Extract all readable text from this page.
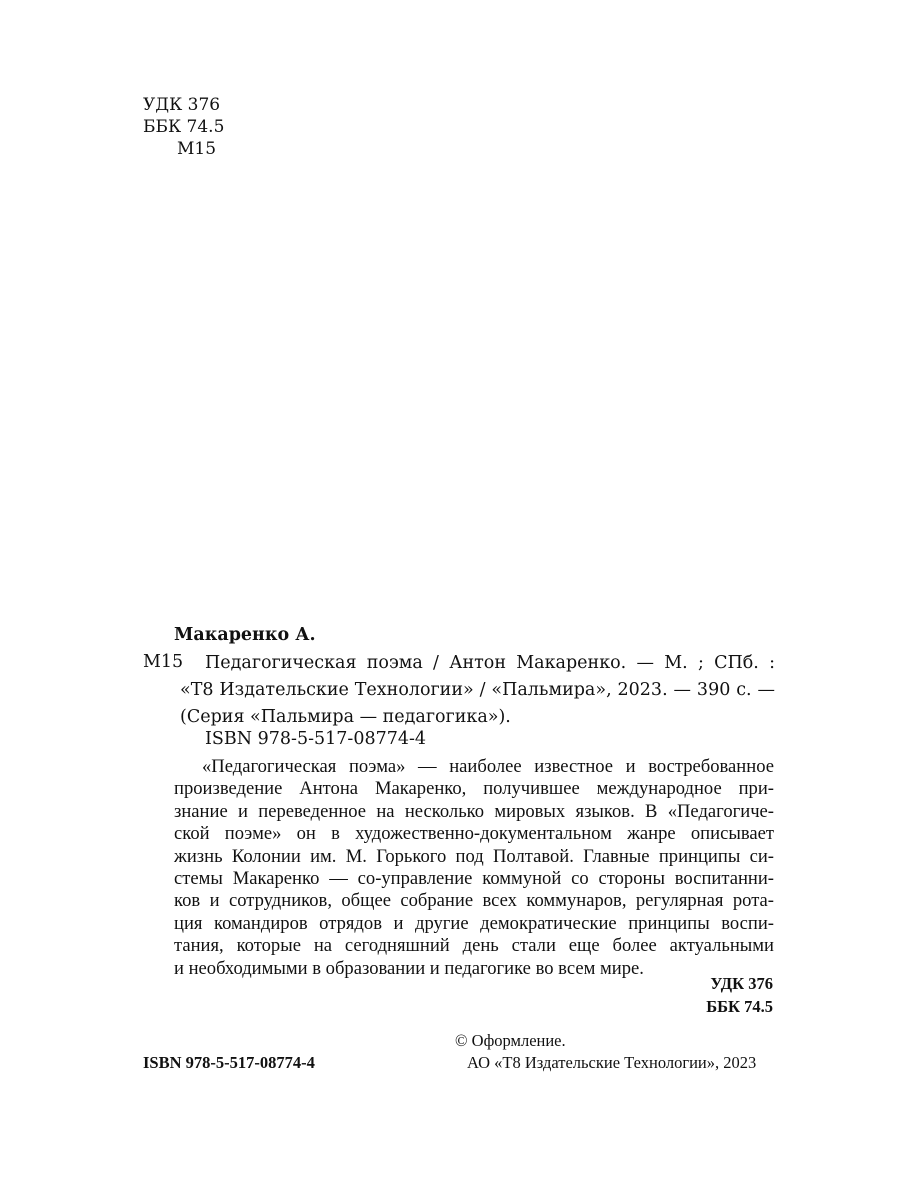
УДК 376
ББК 74.5
М15
Макаренко А.
М15 Педагогическая поэма / Антон Макаренко. — М. ; СПб. :
«Т8 Издательские Технологии» / «Пальмира», 2023. — 390 с. —
(Серия «Пальмира — педагогика»).
ISBN 978-5-517-08774-4
«Педагогическая поэма» — наиболее известное и востребованное
произведение Антона Макаренко, получившее международное при-
знание и переведенное на несколько мировых языков. В «Педагогиче-
ской поэме» он в художественно-документальном жанре описывает
жизнь Колонии им. М. Горького под Полтавой. Главные принципы си-
стемы Макаренко — со-управление коммуной со стороны воспитанни-
ков и сотрудников, общее собрание всех коммунаров, регулярная рота-
ция командиров отрядов и другие демократические принципы воспи-
тания, которые на сегодняшний день стали еще более актуальными
и необходимыми в образовании и педагогике во всем мире.
УДК 376
ББК 74.5
© Оформление.
АО «Т8 Издательские Технологии», 2023
ISBN 978-5-517-08774-4
